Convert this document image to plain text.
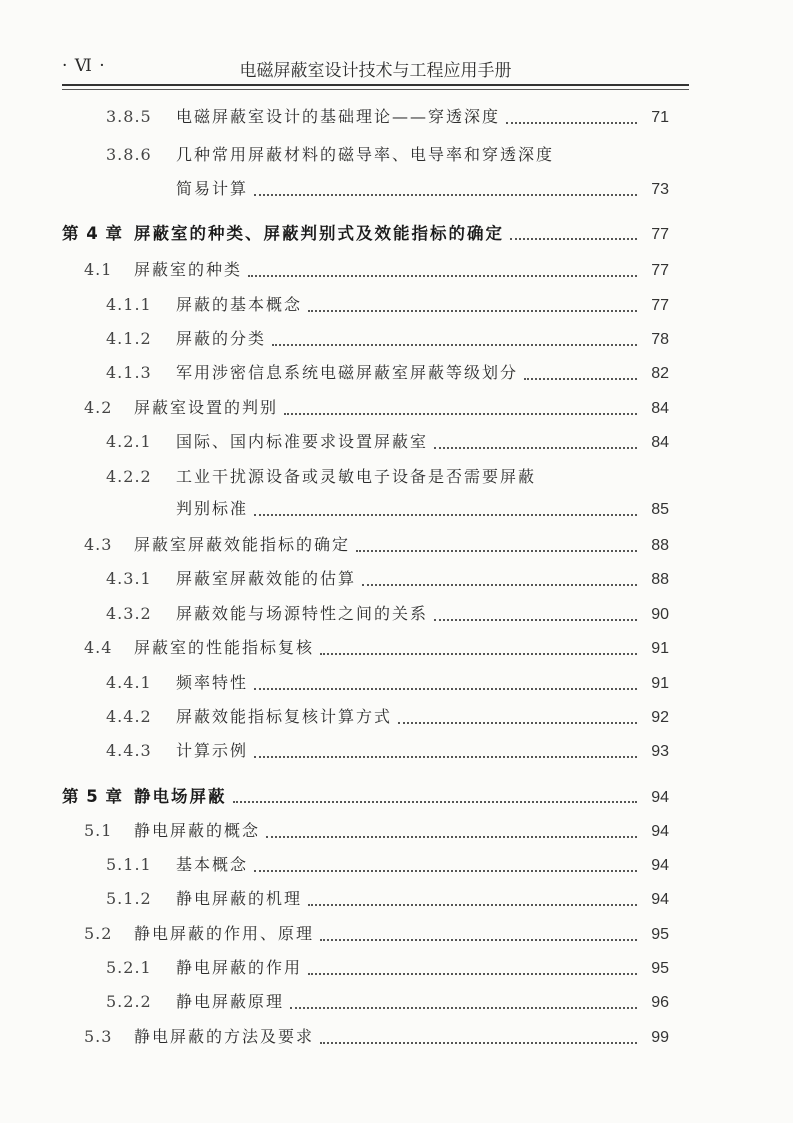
· Ⅵ ·	电磁屏蔽室设计技术与工程应用手册
3.8.5	电磁屏蔽室设计的基础理论——穿透深度	71
3.8.6 几种常用屏蔽材料的磁导率、电导率和穿透深度
简易计算	73
第 4 章 屏蔽室的种类、屏蔽判别式及效能指标的确定	77
4.1	屏蔽室的种类	77
4.1.1	屏蔽的基本概念	77
4.1.2	屏蔽的分类	78
4.1.3	军用涉密信息系统电磁屏蔽室屏蔽等级划分	82
4.2	屏蔽室设置的判别	84
4.2.1	国际、国内标准要求设置屏蔽室	84
4.2.2 工业干扰源设备或灵敏电子设备是否需要屏蔽
判别标准	85
4.3	屏蔽室屏蔽效能指标的确定	88
4.3.1	屏蔽室屏蔽效能的估算	88
4.3.2	屏蔽效能与场源特性之间的关系	90
4.4	屏蔽室的性能指标复核	91
4.4.1	频率特性	91
4.4.2	屏蔽效能指标复核计算方式	92
4.4.3	计算示例	93
第 5 章 静电场屏蔽	94
5.1	静电屏蔽的概念	94
5.1.1	基本概念	94
5.1.2	静电屏蔽的机理	94
5.2	静电屏蔽的作用、原理	95
5.2.1	静电屏蔽的作用	95
5.2.2	静电屏蔽原理	96
5.3	静电屏蔽的方法及要求	99
